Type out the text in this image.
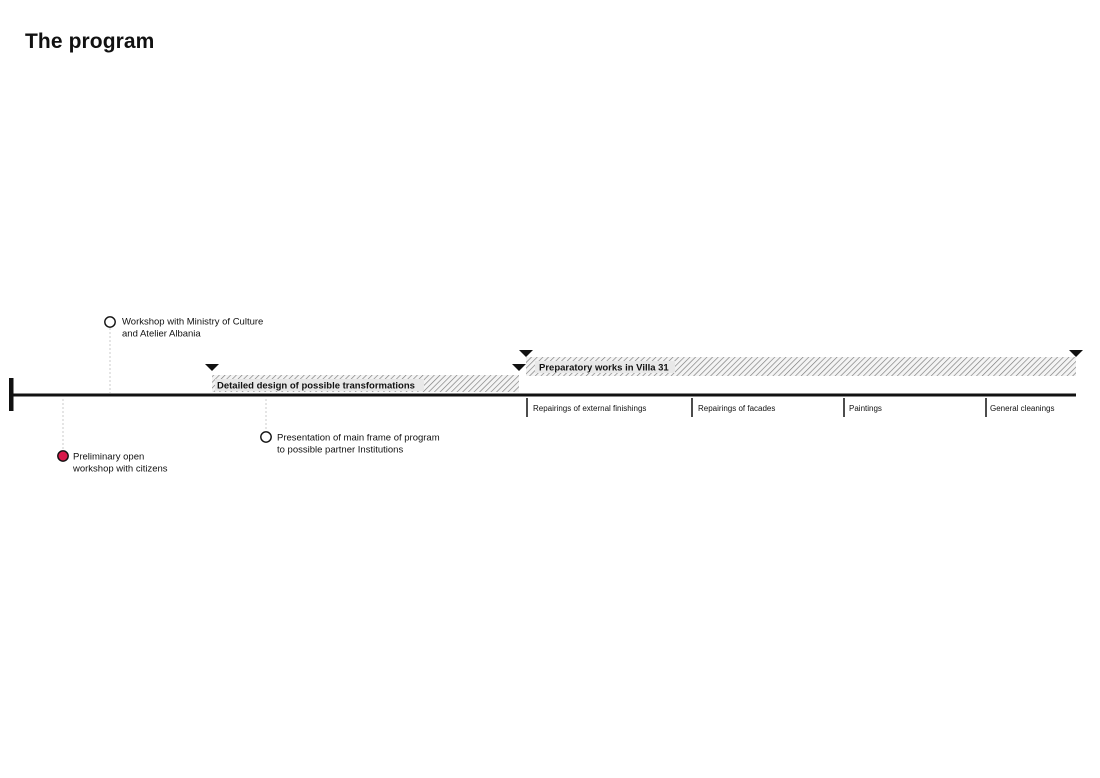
The program
Detailed design of possible transformations
Preparatory works in Villa 31
Repairings of external finishings	Repairings of facades	Paintings	General cleanings
Preliminary open workshop with citizens
Workshop with Ministry of Culture and Atelier Albania
Presentation of main frame of program to possible partner Institutions
